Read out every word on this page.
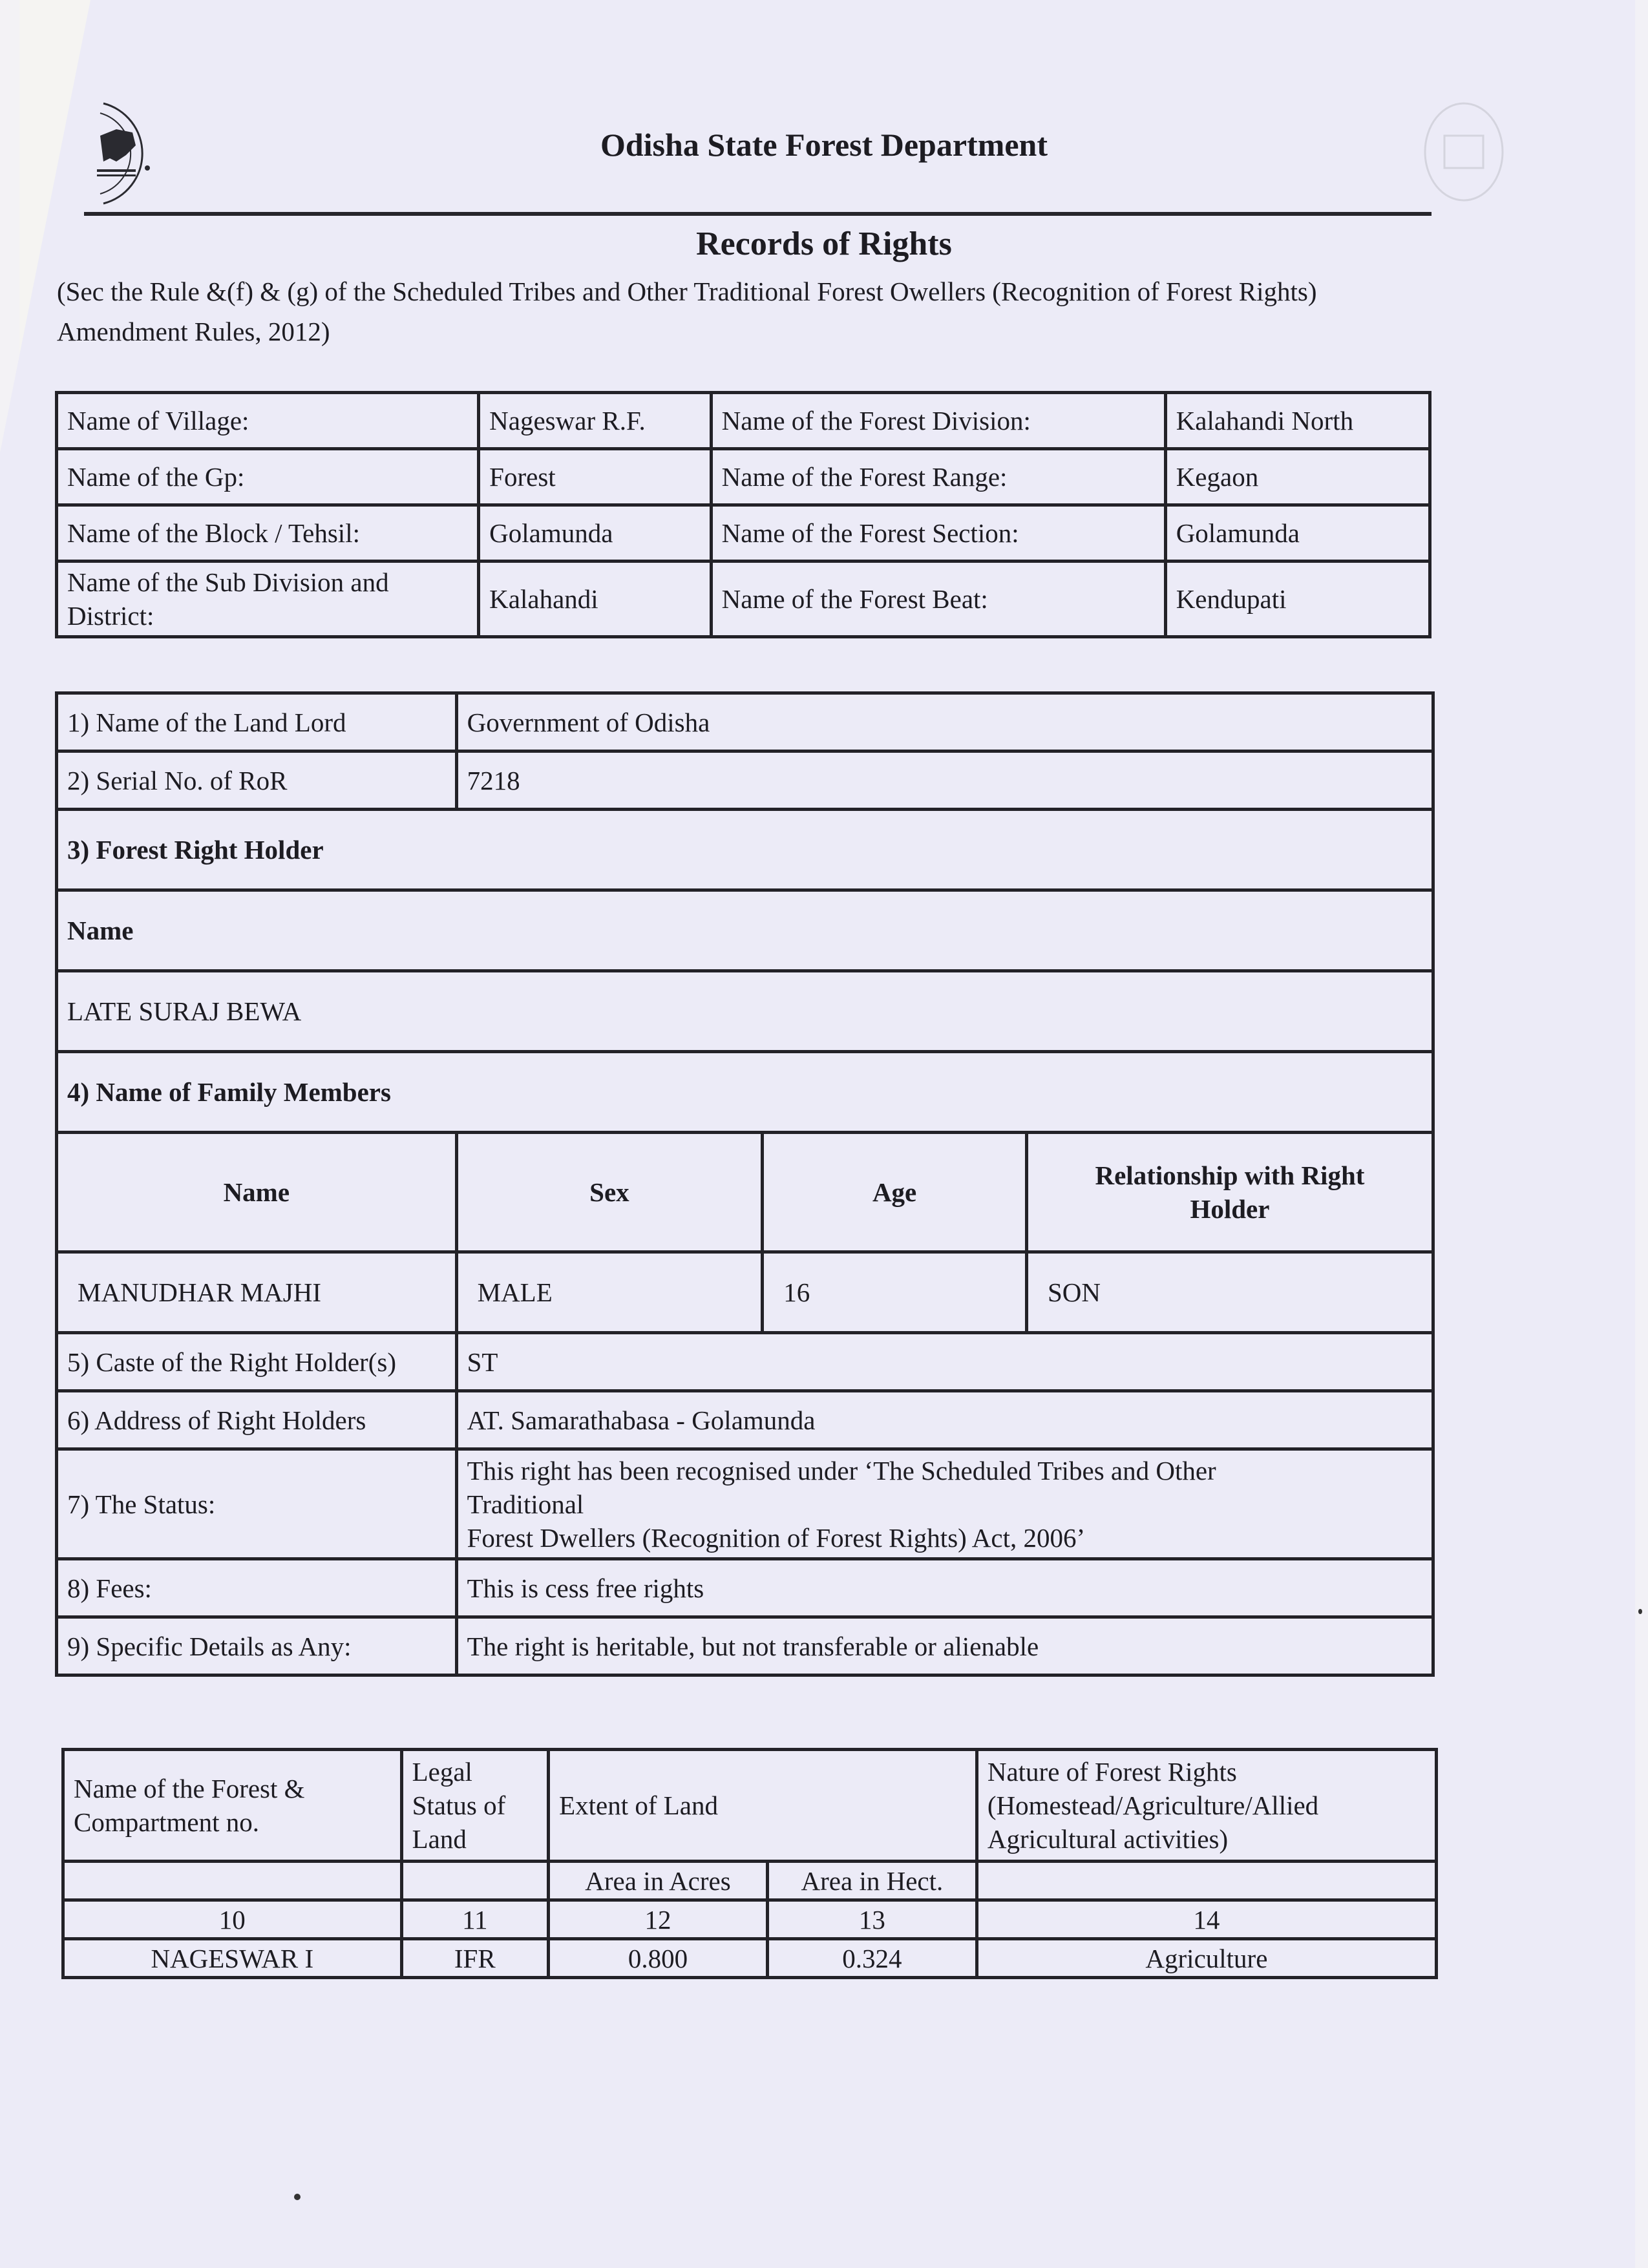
Odisha State Forest Department
Records of Rights
(Sec the Rule &(f) & (g) of the Scheduled Tribes and Other Traditional Forest Owellers (Recognition of Forest Rights) Amendment Rules, 2012)
Name of Village:	Nageswar R.F.	Name of the Forest Division:	Kalahandi North
Name of the Gp:	Forest	Name of the Forest Range:	Kegaon
Name of the Block / Tehsil:	Golamunda	Name of the Forest Section:	Golamunda
Name of the Sub Division and District:	Kalahandi	Name of the Forest Beat:	Kendupati
1) Name of the Land Lord	Government of Odisha		
2) Serial No. of RoR	7218		
3) Forest Right Holder			
Name			
LATE SURAJ BEWA			
4) Name of Family Members			
Name	Sex	Age	Relationship with Right Holder
MANUDHAR MAJHI	MALE	16	SON
5) Caste of the Right Holder(s)	ST		
6) Address of Right Holders	AT. Samarathabasa - Golamunda		
7) The Status:	This right has been recognised under ‘The Scheduled Tribes and Other
Traditional
Forest Dwellers (Recognition of Forest Rights) Act, 2006’		

8) Fees:	This is cess free rights		
9) Specific Details as Any:	The right is heritable, but not transferable or alienable		
Name of the Forest & Compartment no.	Legal Status of Land	Extent of Land		Nature of Forest Rights (Homestead/Agriculture/Allied Agricultural activities)
		Area in Acres	Area in Hect.	
10	11	12	13	14
NAGESWAR I	IFR	0.800	0.324	Agriculture
